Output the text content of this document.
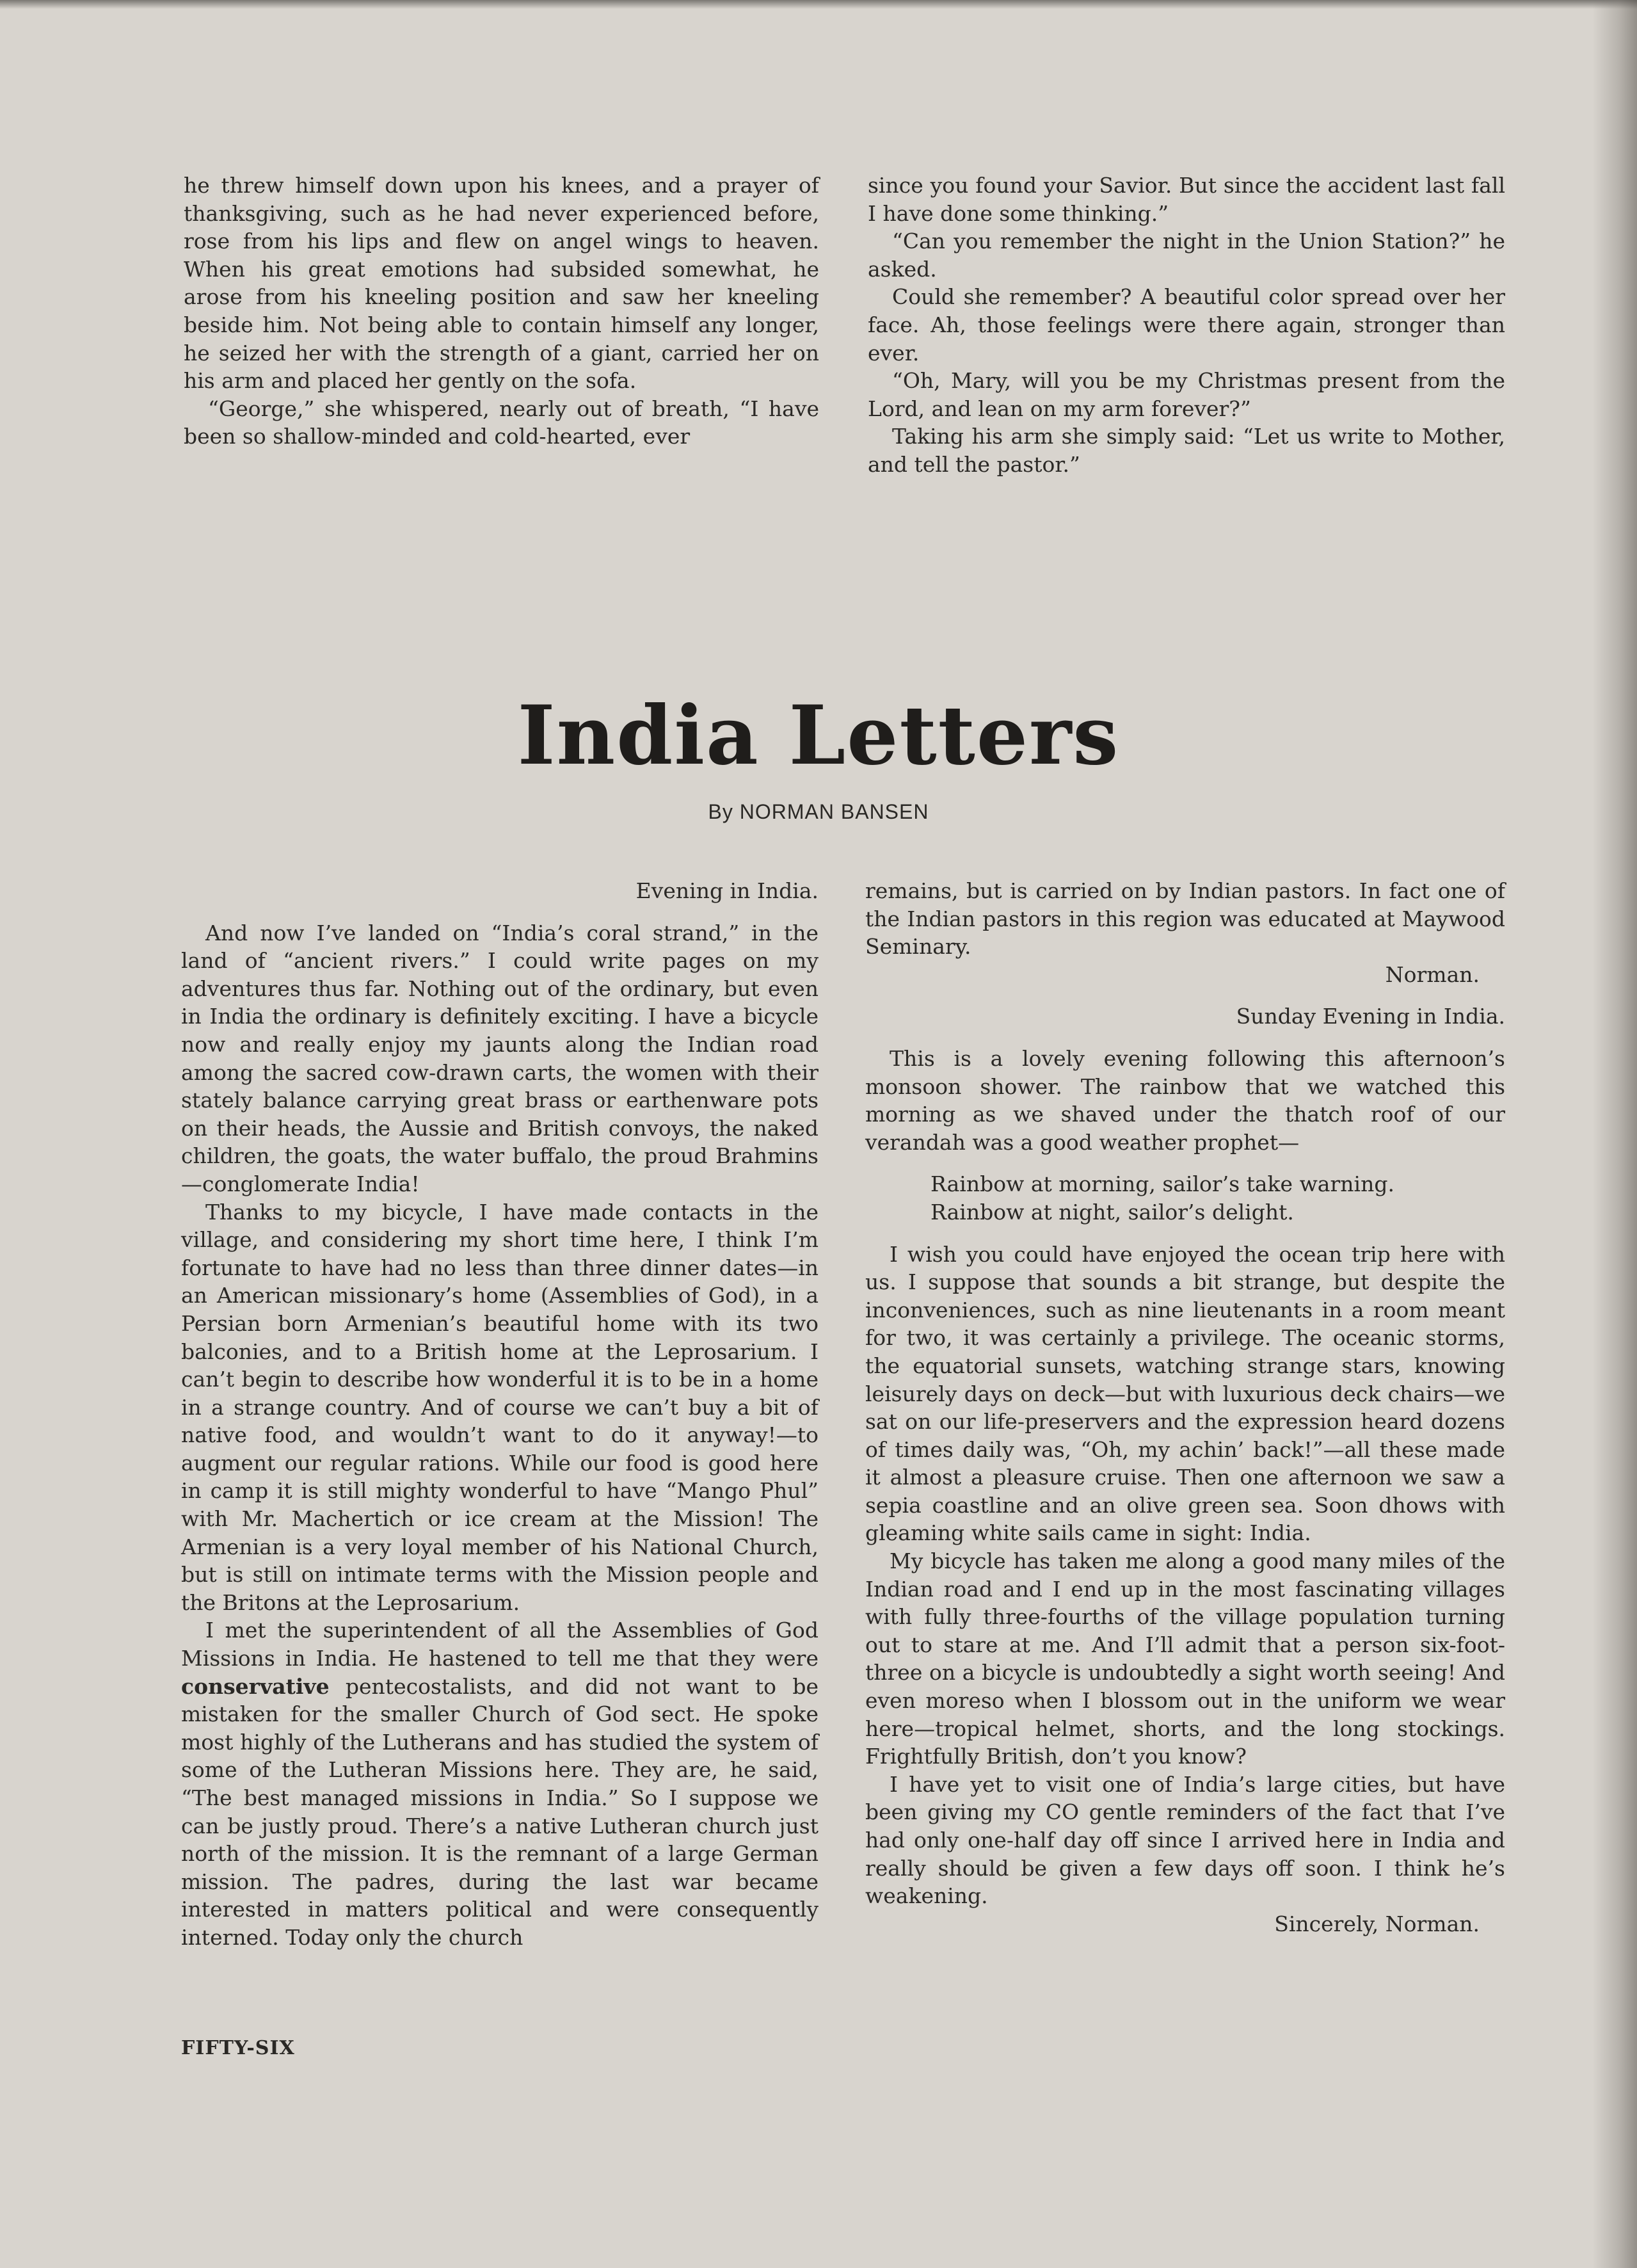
he threw himself down upon his knees, and a prayer of thanksgiving, such as he had never experienced before, rose from his lips and flew on angel wings to heaven. When his great emotions had subsided somewhat, he arose from his kneeling position and saw her kneeling beside him. Not being able to contain himself any longer, he seized her with the strength of a giant, carried her on his arm and placed her gently on the sofa.

“George,” she whispered, nearly out of breath, “I have been so shallow-minded and cold-hearted, ever

since you found your Savior. But since the accident last fall I have done some thinking.”

“Can you remember the night in the Union Station?” he asked.

Could she remember? A beautiful color spread over her face. Ah, those feelings were there again, stronger than ever.

“Oh, Mary, will you be my Christmas present from the Lord, and lean on my arm forever?”

Taking his arm she simply said: “Let us write to Mother, and tell the pastor.”

India Letters
By NORMAN BANSEN

Evening in India.

And now I’ve landed on “India’s coral strand,” in the land of “ancient rivers.” I could write pages on my adventures thus far. Nothing out of the ordinary, but even in India the ordinary is definitely exciting. I have a bicycle now and really enjoy my jaunts along the Indian road among the sacred cow-drawn carts, the women with their stately balance carrying great brass or earthenware pots on their heads, the Aussie and British convoys, the naked children, the goats, the water buffalo, the proud Brahmins—conglomerate India!

Thanks to my bicycle, I have made contacts in the village, and considering my short time here, I think I’m fortunate to have had no less than three dinner dates—in an American missionary’s home (Assemblies of God), in a Persian born Armenian’s beautiful home with its two balconies, and to a British home at the Leprosarium. I can’t begin to describe how wonderful it is to be in a home in a strange country. And of course we can’t buy a bit of native food, and wouldn’t want to do it anyway!—to augment our regular rations. While our food is good here in camp it is still mighty wonderful to have “Mango Phul” with Mr. Machertich or ice cream at the Mission! The Armenian is a very loyal member of his National Church, but is still on intimate terms with the Mission people and the Britons at the Leprosarium.

I met the superintendent of all the Assemblies of God Missions in India. He hastened to tell me that they were conservative pentecostalists, and did not want to be mistaken for the smaller Church of God sect. He spoke most highly of the Lutherans and has studied the system of some of the Lutheran Missions here. They are, he said, “The best managed missions in India.” So I suppose we can be justly proud. There’s a native Lutheran church just north of the mission. It is the remnant of a large German mission. The padres, during the last war became interested in matters political and were consequently interned. Today only the church

remains, but is carried on by Indian pastors. In fact one of the Indian pastors in this region was educated at Maywood Seminary.

Norman.

Sunday Evening in India.

This is a lovely evening following this afternoon’s monsoon shower. The rainbow that we watched this morning as we shaved under the thatch roof of our verandah was a good weather prophet—

Rainbow at morning, sailor’s take warning.

Rainbow at night, sailor’s delight.

I wish you could have enjoyed the ocean trip here with us. I suppose that sounds a bit strange, but despite the inconveniences, such as nine lieutenants in a room meant for two, it was certainly a privilege. The oceanic storms, the equatorial sunsets, watching strange stars, knowing leisurely days on deck—but with luxurious deck chairs—we sat on our life-preservers and the expression heard dozens of times daily was, “Oh, my achin’ back!”—all these made it almost a pleasure cruise. Then one afternoon we saw a sepia coastline and an olive green sea. Soon dhows with gleaming white sails came in sight: India.

My bicycle has taken me along a good many miles of the Indian road and I end up in the most fascinating villages with fully three-fourths of the village population turning out to stare at me. And I’ll admit that a person six-foot-three on a bicycle is undoubtedly a sight worth seeing! And even moreso when I blossom out in the uniform we wear here—tropical helmet, shorts, and the long stockings. Frightfully British, don’t you know?

I have yet to visit one of India’s large cities, but have been giving my CO gentle reminders of the fact that I’ve had only one-half day off since I arrived here in India and really should be given a few days off soon. I think he’s weakening.

Sincerely, Norman.

FIFTY-SIX
